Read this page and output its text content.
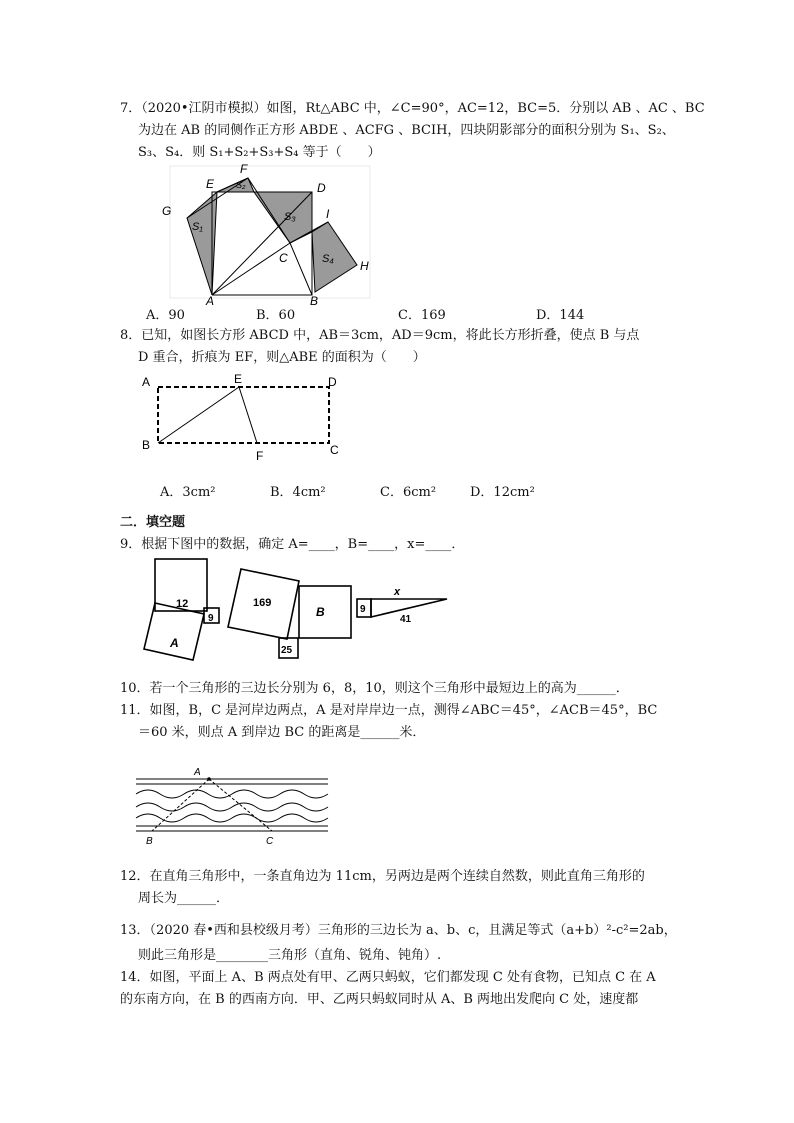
7．（2020•江阴市模拟）如图，Rt△ABC 中，∠C=90°，AC=12，BC=5．分别以 AB 、AC 、BC
为边在 AB 的同侧作正方形 ABDE 、ACFG 、BCIH，四块阴影部分的面积分别为 S₁、S₂、
S₃、S₄．则 S₁+S₂+S₃+S₄ 等于（　　）
E
F
D
G	I
C
H
A	B
S₁
S₂
S₃
S₄
A．90	B．60	C．169	D．144
8．已知，如图长方形 ABCD 中，AB＝3cm，AD＝9cm，将此长方形折叠，使点 B 与点
D 重合，折痕为 EF，则△ABE 的面积为（　　）
A	E	D
B
F	C
A．3cm²	B．4cm²	C．6cm²	D．12cm²
二．填空题
9．根据下图中的数据，确定 A=____，B=____，x=____．
12
9
A
169
B
25
x
9
41
10．若一个三角形的三边长分别为 6，8，10，则这个三角形中最短边上的高为______．
11．如图，B，C 是河岸边两点，A 是对岸岸边一点，测得∠ABC＝45°，∠ACB＝45°，BC
＝60 米，则点 A 到岸边 BC 的距离是______米．
A
B	C
12．在直角三角形中，一条直角边为 11cm，另两边是两个连续自然数，则此直角三角形的
周长为______．
13．（2020 春•西和县校级月考）三角形的三边长为 a、b、c，且满足等式（a+b）²-c²=2ab，
则此三角形是________三角形（直角、锐角、钝角）.
14．如图，平面上 A、B 两点处有甲、乙两只蚂蚁，它们都发现 C 处有食物，已知点 C 在 A
的东南方向，在 B 的西南方向．甲、乙两只蚂蚁同时从 A、B 两地出发爬向 C 处，速度都
